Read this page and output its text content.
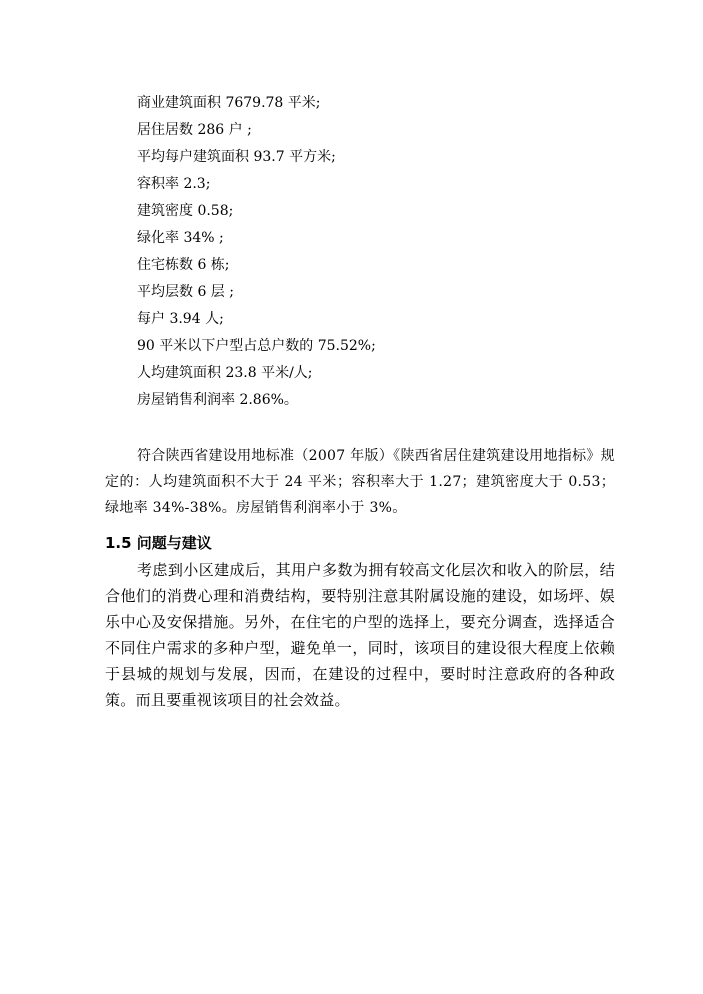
商业建筑面积 7679.78 平米;
居住居数 286 户 ;
平均每户建筑面积 93.7 平方米;
容积率 2.3;
建筑密度 0.58;
绿化率 34% ;
住宅栋数 6 栋;
平均层数 6 层 ;
每户 3.94 人;
90 平米以下户型占总户数的 75.52%;
人均建筑面积 23.8 平米/人;
房屋销售利润率 2.86%。

符合陕西省建设用地标准（2007 年版）《陕西省居住建筑建设用地指标》规定的：人均建筑面积不大于 24 平米；容积率大于 1.27；建筑密度大于 0.53；绿地率 34%-38%。房屋销售利润率小于 3%。

1.5 问题与建议

考虑到小区建成后，其用户多数为拥有较高文化层次和收入的阶层，结合他们的消费心理和消费结构，要特别注意其附属设施的建设，如场坪、娱乐中心及安保措施。另外，在住宅的户型的选择上，要充分调查，选择适合不同住户需求的多种户型，避免单一，同时，该项目的建设很大程度上依赖于县城的规划与发展，因而，在建设的过程中，要时时注意政府的各种政策。而且要重视该项目的社会效益。
